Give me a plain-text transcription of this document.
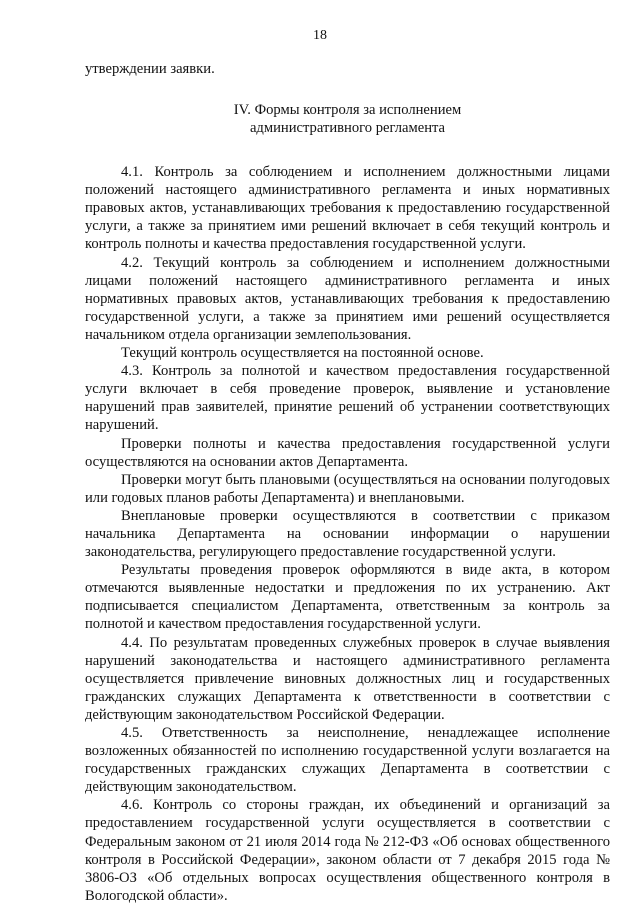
18

утверждении заявки.

IV. Формы контроля за исполнением
административного регламента

4.1. Контроль за соблюдением и исполнением должностными лицами положений настоящего административного регламента и иных нормативных правовых актов, устанавливающих требования к предоставлению государственной услуги, а также за принятием ими решений включает в себя текущий контроль и контроль полноты и качества предоставления государственной услуги.

4.2. Текущий контроль за соблюдением и исполнением должностными лицами положений настоящего административного регламента и иных нормативных правовых актов, устанавливающих требования к предоставлению государственной услуги, а также за принятием ими решений осуществляется начальником отдела организации землепользования.

Текущий контроль осуществляется на постоянной основе.

4.3. Контроль за полнотой и качеством предоставления государственной услуги включает в себя проведение проверок, выявление и установление нарушений прав заявителей, принятие решений об устранении соответствующих нарушений.

Проверки полноты и качества предоставления государственной услуги осуществляются на основании актов Департамента.

Проверки могут быть плановыми (осуществляться на основании полугодовых или годовых планов работы Департамента) и внеплановыми.

Внеплановые проверки осуществляются в соответствии с приказом начальника Департамента на основании информации о нарушении законодательства, регулирующего предоставление государственной услуги.

Результаты проведения проверок оформляются в виде акта, в котором отмечаются выявленные недостатки и предложения по их устранению. Акт подписывается специалистом Департамента, ответственным за контроль за полнотой и качеством предоставления государственной услуги.

4.4. По результатам проведенных служебных проверок в случае выявления нарушений законодательства и настоящего административного регламента осуществляется привлечение виновных должностных лиц и государственных гражданских служащих Департамента к ответственности в соответствии с действующим законодательством Российской Федерации.

4.5. Ответственность за неисполнение, ненадлежащее исполнение возложенных обязанностей по исполнению государственной услуги возлагается на государственных гражданских служащих Департамента в соответствии с действующим законодательством.

4.6. Контроль со стороны граждан, их объединений и организаций за предоставлением государственной услуги осуществляется в соответствии с Федеральным законом от 21 июля 2014 года № 212-ФЗ «Об основах общественного контроля в Российской Федерации», законом области от 7 декабря 2015 года № 3806-ОЗ «Об отдельных вопросах осуществления общественного контроля в Вологодской области».
